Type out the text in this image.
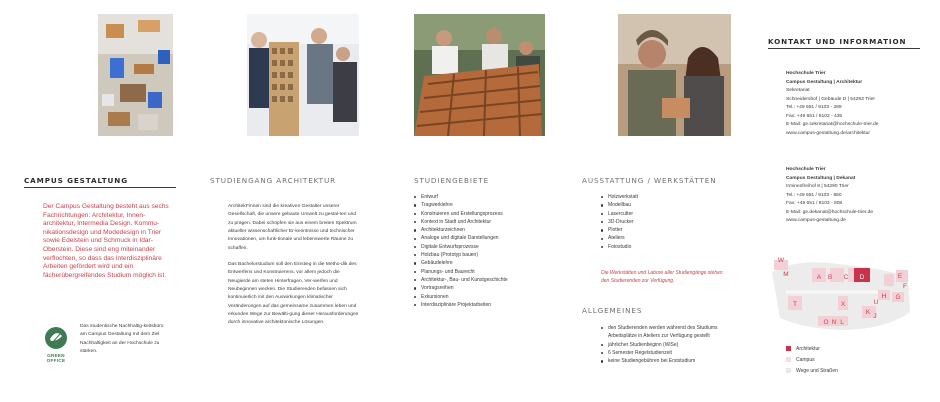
CAMPUS GESTALTUNG

Der Campus Gestaltung besteht aus sechs Fachrichtungen: Architektur, Innen-architektur, Intermedia Design, Kommu-nikationsdesign und Modedesign in Trier sowie Edelstein und Schmuck in Idar-Oberstein. Diese sind eng miteinander verflochten, so dass das interdisziplinäre Arbeiten gefördert wird und ein fächerübergreifendes Studium möglich ist.

GREEN OFFICE

Das studentische Nachhaltig-keitsbüro am Campus Gestaltung mit dem Ziel Nachhaltigkeit an der Hochschule zu stärken.

STUDIENGANG ARCHITEKTUR

Architekt*innen sind die kreativen Gestalter unserer Gesellschaft, die unsere gebaute Umwelt zu gestal-ten und zu prägen. Dabei schöpfen sie aus einem breiten Spektrum aktueller wissenschaftlicher Er-kenntnisse und technischer Innovationen, um funk-tionale und lebenswerte Räume zu schaffen.

Das Bachelorstudium soll den Einstieg in die Metho-dik des Entwerfens und Konstruierens, vor allem jedoch die Neugierde am steten Hinterfragen, Ver-werfen und Neubeginnen wecken. Die Studierenden befassen sich kontinuierlich mit den Auswirkungen klimatischer Veränderungen auf das gemeinsame zusammen leben und erkunden Wege zur Bewälti-gung dieser Herausforderungen durch innovative architektonische Lösungen.

STUDIENGEBIETE
Entwurf
Tragwerklehre
Konstruieren und Erstellungsprozess
Kontext in Stadt und Architektur
Architekturzeichnen
Analoge und digitale Darstellungen
Digitale Entwurfsprozesse
Holzbau (Prototyp bauen)
Gebäudelehre
Planungs- und Baurecht
Architektur-, Bau- und Kunstgeschichte
Vortragsreihen
Exkursionen
Interdisziplinäre Projektarbeiten
AUSSTATTUNG / WERKSTÄTTEN
Holzwerkstatt
Modellbau
Lasercutter
3D-Drucker
Plotter
Ateliers
Fotostudio

Die Werkstätten und Labore aller Studiengänge stehen den Studierenden zur Verfügung.

ALLGEMEINES
den Studierenden werden während des Studiums Arbeitsplätze in Ateliers zur Verfügung gestellt
jährlicher Studienbeginn (WiSe)
6 Semester Regelstudienzeit
keine Studiengebühren bei Erststudium
KONTAKT UND INFORMATION
Hochschule Trier
Campus Gestaltung | Architektur
Sekretariat
Schneidershof | Gebäude D | 54293 Trier
Tel.: +49 651 / 8103 - 289
Fax: +49 651 / 8103 - 435
E-Mail: ge.sekretariat@hochschule-trier.de
www.campus-gestaltung.de/architektur
Hochschule Trier
Campus Gestaltung | Dekanat
Irminenfreihof 8 | 54290 Trier
Tel.: +49 651 / 8103 - 850
Fax: +49 651 / 8103 - 808
E-Mail: ge.dekanat@hochschule-trier.de
www.campus-gestaltung.de
W
M	A B C D	E
F
G
H
U
T	X
K
J
O N L
Architektur
Campus
Wege und Straßen
